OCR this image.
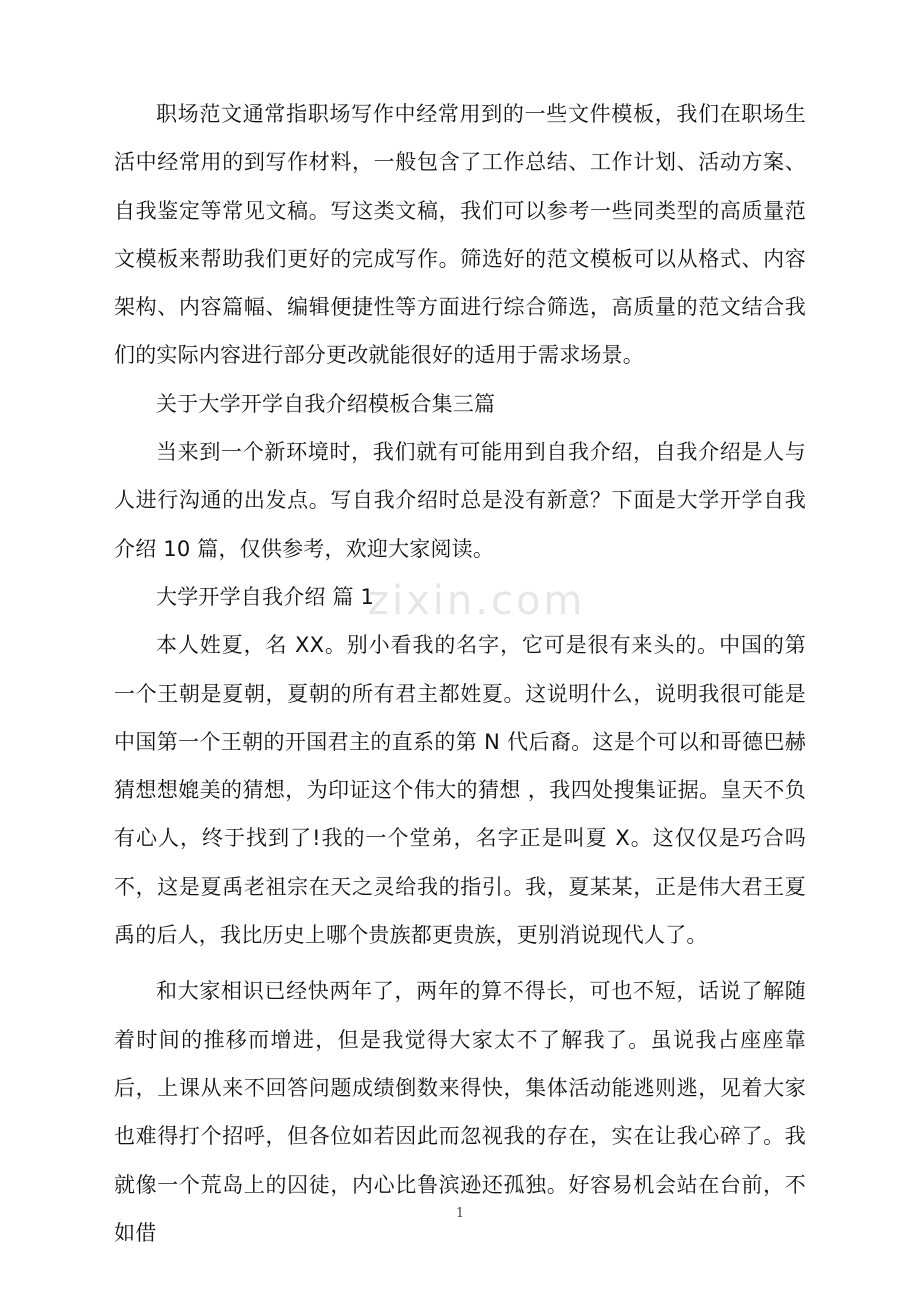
zixin.com

职场范文通常指职场写作中经常用到的一些文件模板，我们在职场生活中经常用的到写作材料，一般包含了工作总结、工作计划、活动方案、自我鉴定等常见文稿。写这类文稿，我们可以参考一些同类型的高质量范文模板来帮助我们更好的完成写作。筛选好的范文模板可以从格式、内容架构、内容篇幅、编辑便捷性等方面进行综合筛选，高质量的范文结合我们的实际内容进行部分更改就能很好的适用于需求场景。

关于大学开学自我介绍模板合集三篇

当来到一个新环境时，我们就有可能用到自我介绍，自我介绍是人与人进行沟通的出发点。写自我介绍时总是没有新意？下面是大学开学自我介绍 10 篇，仅供参考，欢迎大家阅读。

大学开学自我介绍 篇 1

本人姓夏，名 XX。别小看我的名字，它可是很有来头的。中国的第一个王朝是夏朝，夏朝的所有君主都姓夏。这说明什么，说明我很可能是中国第一个王朝的开国君主的直系的第 N 代后裔。这是个可以和哥德巴赫猜想想媲美的猜想，为印证这个伟大的猜想 ，我四处搜集证据。皇天不负有心人，终于找到了!我的一个堂弟，名字正是叫夏 X。这仅仅是巧合吗不，这是夏禹老祖宗在天之灵给我的指引。我，夏某某，正是伟大君王夏禹的后人，我比历史上哪个贵族都更贵族，更别消说现代人了。

和大家相识已经快两年了，两年的算不得长，可也不短，话说了解随着时间的推移而增进，但是我觉得大家太不了解我了。虽说我占座座靠后，上课从来不回答问题成绩倒数来得快，集体活动能逃则逃，见着大家也难得打个招呼，但各位如若因此而忽视我的存在，实在让我心碎了。我就像一个荒岛上的囚徒，内心比鲁滨逊还孤独。好容易机会站在台前，不如借

1
